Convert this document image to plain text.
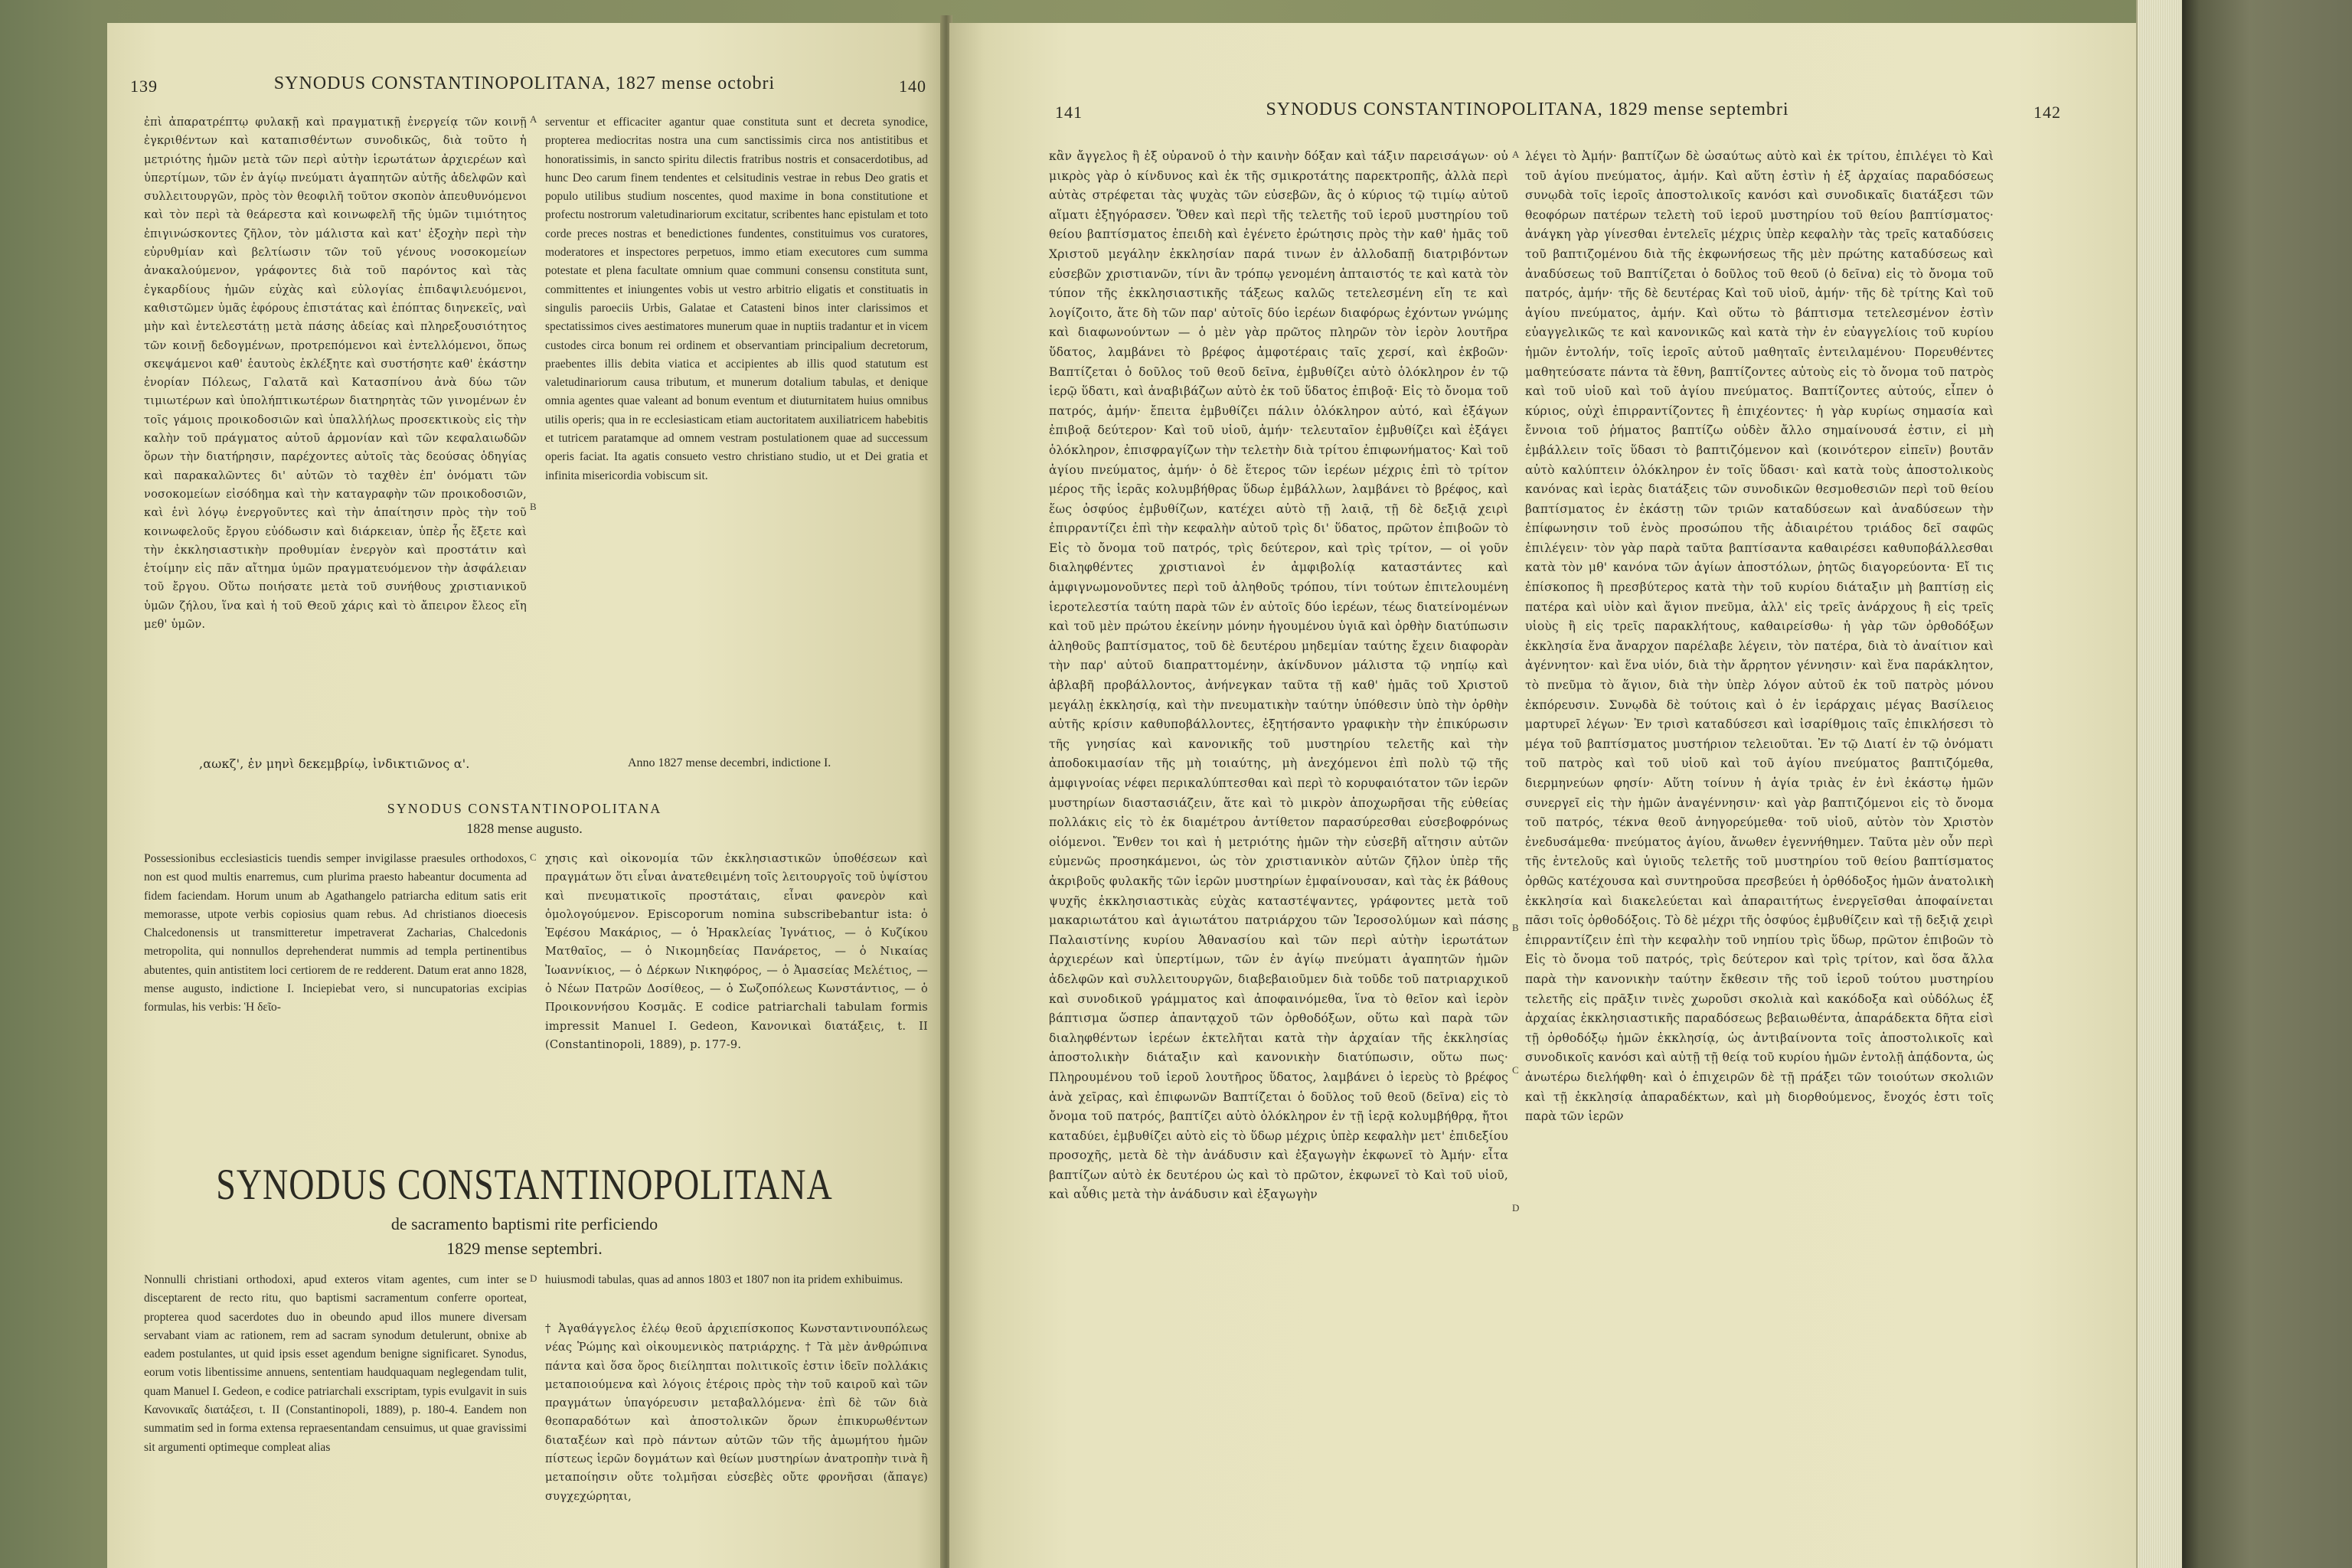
139	SYNODUS CONSTANTINOPOLITANA, 1827 mense octobri	140
ἐπὶ ἀπαρατρέπτῳ φυλακῇ καὶ πραγματικῇ ἐνεργείᾳ τῶν κοινῇ ἐγκριθέντων καὶ καταπισθέντων συνοδικῶς, διὰ τοῦτο ἡ μετριότης ἡμῶν μετὰ τῶν περὶ αὐτὴν ἱερωτάτων ἀρχιερέων καὶ ὑπερτίμων, τῶν ἐν ἁγίῳ πνεύματι ἀγαπητῶν αὐτῆς ἀδελφῶν καὶ συλλειτουργῶν, πρὸς τὸν θεοφιλῆ τοῦτον σκοπὸν ἀπευθυνόμενοι καὶ τὸν περὶ τὰ θεάρεστα καὶ κοινωφελῆ τῆς ὑμῶν τιμιότητος ἐπιγινώσκοντες ζῆλον, τὸν μάλιστα καὶ κατ' ἐξοχὴν περὶ τὴν εὐρυθμίαν καὶ βελτίωσιν τῶν τοῦ γένους νοσοκομείων ἀνακαλούμενον, γράφοντες διὰ τοῦ παρόντος καὶ τὰς ἐγκαρδίους ἡμῶν εὐχὰς καὶ εὐλογίας ἐπιδαψιλευόμενοι, καθιστῶμεν ὑμᾶς ἐφόρους ἐπιστάτας καὶ ἐπόπτας διηνεκεῖς, ναὶ μὴν καὶ ἐντελεστάτῃ μετὰ πάσης ἀδείας καὶ πληρεξουσιότητος τῶν κοινῇ δεδογμένων, προτρεπόμενοι καὶ ἐντελλόμενοι, ὅπως σκεψάμενοι καθ' ἑαυτοὺς ἐκλέξητε καὶ συστήσητε καθ' ἑκάστην ἐνορίαν Πόλεως, Γαλατᾶ καὶ Κατασπίνου ἀνὰ δύω τῶν τιμιωτέρων καὶ ὑπολήπτικωτέρων διατηρητὰς τῶν γινομένων ἐν τοῖς γάμοις προικοδοσιῶν καὶ ὑπαλλήλως προσεκτικοὺς εἰς τὴν καλὴν τοῦ πράγματος αὐτοῦ ἁρμονίαν καὶ τῶν κεφαλαιωδῶν ὅρων τὴν διατήρησιν, παρέχοντες αὐτοῖς τὰς δεούσας ὁδηγίας καὶ παρακαλῶντες δι' αὐτῶν τὸ ταχθὲν ἐπ' ὀνόματι τῶν νοσοκομείων εἰσόδημα καὶ τὴν καταγραφὴν τῶν προικοδοσιῶν, καὶ ἑνὶ λόγῳ ἐνεργοῦντες καὶ τὴν ἀπαίτησιν πρὸς τὴν τοῦ κοινωφελοῦς ἔργου εὐόδωσιν καὶ διάρκειαν, ὑπὲρ ἧς ἔξετε καὶ τὴν ἐκκλησιαστικὴν προθυμίαν ἐνεργὸν καὶ προστάτιν καὶ ἑτοίμην εἰς πᾶν αἴτημα ὑμῶν πραγματευόμενον τὴν ἀσφάλειαν τοῦ ἔργου. Οὕτω ποιήσατε μετὰ τοῦ συνήθους χριστιανικοῦ ὑμῶν ζήλου, ἵνα καὶ ἡ τοῦ Θεοῦ χάρις καὶ τὸ ἄπειρον ἔλεος εἴη μεθ' ὑμῶν.
A
B
serventur et efficaciter agantur quae constituta sunt et decreta synodice, propterea mediocritas nostra una cum sanctissimis circa nos antistitibus et honoratissimis, in sancto spiritu dilectis fratribus nostris et consacerdotibus, ad hunc Deo carum finem tendentes et celsitudinis vestrae in rebus Deo gratis et populo utilibus studium noscentes, quod maxime in bona constitutione et profectu nostrorum valetudinariorum excitatur, scribentes hanc epistulam et toto corde preces nostras et benedictiones fundentes, constituimus vos curatores, moderatores et inspectores perpetuos, immo etiam executores cum summa potestate et plena facultate omnium quae communi consensu constituta sunt, committentes et iniungentes vobis ut vestro arbitrio eligatis et constituatis in singulis paroeciis Urbis, Galatae et Catasteni binos inter clarissimos et spectatissimos cives aestimatores munerum quae in nuptiis tradantur et in vicem custodes circa bonum rei ordinem et observantiam principalium decretorum, praebentes illis debita viatica et accipientes ab illis quod statutum est valetudinariorum causa tributum, et munerum dotalium tabulas, et denique omnia agentes quae valeant ad bonum eventum et diuturnitatem huius omnibus utilis operis; qua in re ecclesiasticam etiam auctoritatem auxiliatricem habebitis et tutricem paratamque ad omnem vestram postulationem quae ad successum operis faciat. Ita agatis consueto vestro christiano studio, ut et Dei gratia et infinita misericordia vobiscum sit.
,αωκζ', ἐν μηνὶ δεκεμβρίῳ, ἰνδικτιῶνος α'.	Anno 1827 mense decembri, indictione I.
SYNODUS CONSTANTINOPOLITANA
1828 mense augusto.
Possessionibus ecclesiasticis tuendis semper invigilasse praesules orthodoxos, non est quod multis enarremus, cum plurima praesto habeantur documenta ad fidem faciendam. Horum unum ab Agathangelo patriarcha editum satis erit memorasse, utpote verbis copiosius quam rebus. Ad christianos dioecesis Chalcedonensis ut transmitteretur impetraverat Zacharias, Chalcedonis metropolita, qui nonnullos deprehenderat nummis ad templa pertinentibus abutentes, quin antistitem loci certiorem de re redderent. Datum erat anno 1828, mense augusto, indictione I. Inciepiebat vero, si nuncupatorias excipias formulas, his verbis: Ἡ δεῖο-
C χησις καὶ οἰκονομία τῶν ἐκκλησιαστικῶν ὑποθέσεων καὶ πραγμάτων ὅτι εἶναι ἀνατεθειμένη τοῖς λειτουργοῖς τοῦ ὑψίστου καὶ πνευματικοῖς προστάταις, εἶναι φανερὸν καὶ ὁμολογούμενον. Episcoporum nomina subscribebantur ista: ὁ Ἐφέσου Μακάριος, — ὁ Ἡρακλείας Ἰγνάτιος, — ὁ Κυζίκου Ματθαῖος, — ὁ Νικομηδείας Πανάρετος, — ὁ Νικαίας Ἰωαννίκιος, — ὁ Δέρκων Νικηφόρος, — ὁ Ἀμασείας Μελέτιος, — ὁ Νέων Πατρῶν Δοσίθεος, — ὁ Σωζοπόλεως Κωνστάντιος, — ὁ Προικοννήσου Κοσμᾶς. E codice patriarchali tabulam formis impressit Manuel I. Gedeon, Κανονικαὶ διατάξεις, t. II (Constantinopoli, 1889), p. 177-9.
SYNODUS CONSTANTINOPOLITANA
de sacramento baptismi rite perficiendo
1829 mense septembri.
Nonnulli christiani orthodoxi, apud exteros vitam agentes, cum inter se disceptarent de recto ritu, quo baptismi sacramentum conferre oporteat, propterea quod sacerdotes duo in obeundo apud illos munere diversam servabant viam ac rationem, rem ad sacram synodum detulerunt, obnixe ab eadem postulantes, ut quid ipsis esset agendum benigne significaret. Synodus, eorum votis libentissime annuens, sententiam haudquaquam neglegendam tulit, quam Manuel I. Gedeon, e codice patriarchali exscriptam, typis evulgavit in suis Κανονικαῖς διατάξεσι, t. II (Constantinopoli, 1889), p. 180-4. Eandem non summatim sed in forma extensa repraesentandam censuimus, ut quae gravissimi sit argumenti optimeque compleat alias
D huiusmodi tabulas, quas ad annos 1803 et 1807 non ita pridem exhibuimus.
† Ἀγαθάγγελος ἐλέῳ θεοῦ ἀρχιεπίσκοπος Κωνσταντινουπόλεως νέας Ῥώμης καὶ οἰκουμενικὸς πατριάρχης. † Τὰ μὲν ἀνθρώπινα πάντα καὶ ὅσα ὅρος διείληπται πολιτικοῖς ἐστιν ἰδεῖν πολλάκις μεταποιούμενα καὶ λόγοις ἑτέροις πρὸς τὴν τοῦ καιροῦ καὶ τῶν πραγμάτων ὑπαγόρευσιν μεταβαλλόμενα· ἐπὶ δὲ τῶν διὰ θεοπαραδότων καὶ ἀποστολικῶν ὅρων ἐπικυρωθέντων διαταξέων καὶ πρὸ πάντων αὐτῶν τῶν τῆς ἀμωμήτου ἡμῶν πίστεως ἱερῶν δογμάτων καὶ θείων μυστηρίων ἀνατροπὴν τινὰ ἢ μεταποίησιν οὔτε τολμῆσαι εὐσεβὲς οὔτε φρονῆσαι (ἄπαγε) συγχεχώρηται,
141	SYNODUS CONSTANTINOPOLITANA, 1829 mense septembri	142
κἂν ἄγγελος ἢ ἐξ οὐρανοῦ ὁ τὴν καινὴν δόξαν καὶ τάξιν παρεισάγων· οὐ μικρὸς γὰρ ὁ κίνδυνος καὶ ἐκ τῆς σμικροτάτης παρεκτροπῆς, ἀλλὰ περὶ αὐτὰς στρέφεται τὰς ψυχὰς τῶν εὐσεβῶν, ἃς ὁ κύριος τῷ τιμίῳ αὐτοῦ αἵματι ἐξηγόρασεν. Ὅθεν καὶ περὶ τῆς τελετῆς τοῦ ἱεροῦ μυστηρίου τοῦ θείου βαπτίσματος ἐπειδὴ καὶ ἐγένετο ἐρώτησις πρὸς τὴν καθ' ἡμᾶς τοῦ Χριστοῦ μεγάλην ἐκκλησίαν παρά τινων ἐν ἀλλοδαπῇ διατριβόντων εὐσεβῶν χριστιανῶν, τίνι ἂν τρόπῳ γενομένη ἀπταιστός τε καὶ κατὰ τὸν τύπον τῆς ἐκκλησιαστικῆς τάξεως καλῶς τετελεσμένη εἴη τε καὶ λογίζοιτο, ἅτε δὴ τῶν παρ' αὐτοῖς δύο ἱερέων διαφόρως ἐχόντων γνώμης καὶ διαφωνούντων — ὁ μὲν γὰρ πρῶτος πληρῶν τὸν ἱερὸν λουτῆρα ὕδατος, λαμβάνει τὸ βρέφος ἀμφοτέραις ταῖς χερσί, καὶ ἐκβοῶν· Βαπτίζεται ὁ δοῦλος τοῦ θεοῦ δεῖνα, ἐμβυθίζει αὐτὸ ὁλόκληρον ἐν τῷ ἱερῷ ὕδατι, καὶ ἀναβιβάζων αὐτὸ ἐκ τοῦ ὕδατος ἐπιβοᾷ· Εἰς τὸ ὄνομα τοῦ πατρός, ἀμήν· ἔπειτα ἐμβυθίζει πάλιν ὁλόκληρον αὐτό, καὶ ἐξάγων ἐπιβοᾷ δεύτερον· Καὶ τοῦ υἱοῦ, ἀμήν· τελευταῖον ἐμβυθίζει καὶ ἐξάγει ὁλόκληρον, ἐπισφραγίζων τὴν τελετὴν διὰ τρίτου ἐπιφωνήματος· Καὶ τοῦ ἁγίου πνεύματος, ἀμήν· ὁ δὲ ἕτερος τῶν ἱερέων μέχρις ἐπὶ τὸ τρίτον μέρος τῆς ἱερᾶς κολυμβήθρας ὕδωρ ἐμβάλλων, λαμβάνει τὸ βρέφος, καὶ ἕως ὀσφύος ἐμβυθίζων, κατέχει αὐτὸ τῇ λαιᾷ, τῇ δὲ δεξιᾷ χειρὶ ἐπιρραντίζει ἐπὶ τὴν κεφαλὴν αὐτοῦ τρὶς δι' ὕδατος, πρῶτον ἐπιβοῶν τὸ Εἰς τὸ ὄνομα τοῦ πατρός, τρὶς δεύτερον, καὶ τρὶς τρίτον, — οἱ γοῦν διαληφθέντες χριστιανοὶ ἐν ἀμφιβολίᾳ καταστάντες καὶ ἀμφιγνωμονοῦντες περὶ τοῦ ἀληθοῦς τρόπου, τίνι τούτων ἐπιτελουμένη ἱεροτελεστία ταύτη παρὰ τῶν ἐν αὐτοῖς δύο ἱερέων, τέως διατείνομένων καὶ τοῦ μὲν πρώτου ἐκείνην μόνην ἡγουμένου ὑγιᾶ καὶ ὀρθὴν διατύπωσιν ἀληθοῦς βαπτίσματος, τοῦ δὲ δευτέρου μηδεμίαν ταύτης ἔχειν διαφορὰν τὴν παρ' αὐτοῦ διαπραττομένην, ἀκίνδυνον μάλιστα τῷ νηπίῳ καὶ ἀβλαβῆ προβάλλοντος, ἀνήνεγκαν ταῦτα τῇ καθ' ἡμᾶς τοῦ Χριστοῦ μεγάλῃ ἐκκλησίᾳ, καὶ τὴν πνευματικὴν ταύτην ὑπόθεσιν ὑπὸ τὴν ὀρθὴν αὐτῆς κρίσιν καθυποβάλλοντες, ἐξητήσαντο γραφικὴν τὴν ἐπικύρωσιν τῆς γνησίας καὶ κανονικῆς τοῦ μυστηρίου τελετῆς καὶ τὴν ἀποδοκιμασίαν τῆς μὴ τοιαύτης, μὴ ἀνεχόμενοι ἐπὶ πολὺ τῷ τῆς ἀμφιγνοίας νέφει περικαλύπτεσθαι καὶ περὶ τὸ κορυφαιότατον τῶν ἱερῶν μυστηρίων διαστασιάζειν, ἅτε καὶ τὸ μικρὸν ἀποχωρῆσαι τῆς εὐθείας πολλάκις εἰς τὸ ἐκ διαμέτρου ἀντίθετον παρασύρεσθαι εὐσεβοφρόνως οἰόμενοι. Ἔνθεν τοι καὶ ἡ μετριότης ἡμῶν τὴν εὐσεβῆ αἴτησιν αὐτῶν εὐμενῶς προσηκάμενοι, ὡς τὸν χριστιανικὸν αὐτῶν ζῆλον ὑπὲρ τῆς ἀκριβοῦς φυλακῆς τῶν ἱερῶν μυστηρίων ἐμφαίνουσαν, καὶ τὰς ἐκ βάθους ψυχῆς ἐκκλησιαστικὰς εὐχὰς καταστέψαντες, γράφοντες μετὰ τοῦ μακαριωτάτου καὶ ἁγιωτάτου πατριάρχου τῶν Ἱεροσολύμων καὶ πάσης Παλαιστίνης κυρίου Ἀθανασίου καὶ τῶν περὶ αὐτὴν ἱερωτάτων ἀρχιερέων καὶ ὑπερτίμων, τῶν ἐν ἁγίῳ πνεύματι ἀγαπητῶν ἡμῶν ἀδελφῶν καὶ συλλειτουργῶν, διαβεβαιοῦμεν διὰ τοῦδε τοῦ πατριαρχικοῦ καὶ συνοδικοῦ γράμματος καὶ ἀποφαινόμεθα, ἵνα τὸ θεῖον καὶ ἱερὸν βάπτισμα ὥσπερ ἀπαντᾳχοῦ τῶν ὀρθοδόξων, οὕτω καὶ παρὰ τῶν διαληφθέντων ἱερέων ἐκτελῆται κατὰ τὴν ἀρχαίαν τῆς ἐκκλησίας ἀποστολικὴν διάταξιν καὶ κανονικὴν διατύπωσιν, οὕτω πως· Πληρουμένου τοῦ ἱεροῦ λουτῆρος ὕδατος, λαμβάνει ὁ ἱερεὺς τὸ βρέφος ἀνὰ χεῖρας, καὶ ἐπιφωνῶν Βαπτίζεται ὁ δοῦλος τοῦ θεοῦ (δεῖνα) εἰς τὸ ὄνομα τοῦ πατρός, βαπτίζει αὐτὸ ὁλόκληρον ἐν τῇ ἱερᾷ κολυμβήθρᾳ, ἤτοι καταδύει, ἐμβυθίζει αὐτὸ εἰς τὸ ὕδωρ μέχρις ὑπὲρ κεφαλὴν μετ' ἐπιδεξίου προσοχῆς, μετὰ δὲ τὴν ἀνάδυσιν καὶ ἐξαγωγὴν ἐκφωνεῖ τὸ Ἀμήν· εἶτα βαπτίζων αὐτὸ ἐκ δευτέρου ὡς καὶ τὸ πρῶτον, ἐκφωνεῖ τὸ Καὶ τοῦ υἱοῦ, καὶ αὖθις μετὰ τὴν ἀνάδυσιν καὶ ἐξαγωγὴν
A
B
C
D
λέγει τὸ Ἀμήν· βαπτίζων δὲ ὡσαύτως αὐτὸ καὶ ἐκ τρίτου, ἐπιλέγει τὸ Καὶ τοῦ ἁγίου πνεύματος, ἀμήν. Καὶ αὕτη ἐστὶν ἡ ἐξ ἀρχαίας παραδόσεως συνῳδὰ τοῖς ἱεροῖς ἀποστολικοῖς κανόσι καὶ συνοδικαῖς διατάξεσι τῶν θεοφόρων πατέρων τελετὴ τοῦ ἱεροῦ μυστηρίου τοῦ θείου βαπτίσματος· ἀνάγκη γὰρ γίνεσθαι ἐντελεῖς μέχρις ὑπὲρ κεφαλὴν τὰς τρεῖς καταδύσεις τοῦ βαπτιζομένου διὰ τῆς ἐκφωνήσεως τῆς μὲν πρώτης καταδύσεως καὶ ἀναδύσεως τοῦ Βαπτίζεται ὁ δοῦλος τοῦ θεοῦ (ὁ δεῖνα) εἰς τὸ ὄνομα τοῦ πατρός, ἀμήν· τῆς δὲ δευτέρας Καὶ τοῦ υἱοῦ, ἀμήν· τῆς δὲ τρίτης Καὶ τοῦ ἁγίου πνεύματος, ἀμήν. Καὶ οὕτω τὸ βάπτισμα τετελεσμένον ἐστὶν εὐαγγελικῶς τε καὶ κανονικῶς καὶ κατὰ τὴν ἐν εὐαγγελίοις τοῦ κυρίου ἡμῶν ἐντολήν, τοῖς ἱεροῖς αὐτοῦ μαθηταῖς ἐντειλαμένου· Πορευθέντες μαθητεύσατε πάντα τὰ ἔθνη, βαπτίζοντες αὐτοὺς εἰς τὸ ὄνομα τοῦ πατρὸς καὶ τοῦ υἱοῦ καὶ τοῦ ἁγίου πνεύματος. Βαπτίζοντες αὐτούς, εἶπεν ὁ κύριος, οὐχὶ ἐπιρραντίζοντες ἢ ἐπιχέοντες· ἡ γὰρ κυρίως σημασία καὶ ἔννοια τοῦ ῥήματος βαπτίζω οὐδὲν ἄλλο σημαίνουσά ἐστιν, εἰ μὴ ἐμβάλλειν τοῖς ὕδασι τὸ βαπτιζόμενον καὶ (κοινότερον εἰπεῖν) βουτᾶν αὐτὸ καλύπτειν ὁλόκληρον ἐν τοῖς ὕδασι· καὶ κατὰ τοὺς ἀποστολικοὺς κανόνας καὶ ἱερὰς διατάξεις τῶν συνοδικῶν θεσμοθεσιῶν περὶ τοῦ θείου βαπτίσματος ἐν ἑκάστῃ τῶν τριῶν καταδύσεων καὶ ἀναδύσεων τὴν ἐπίφωνησιν τοῦ ἑνὸς προσώπου τῆς ἀδιαιρέτου τριάδος δεῖ σαφῶς ἐπιλέγειν· τὸν γὰρ παρὰ ταῦτα βαπτίσαντα καθαιρέσει καθυποβάλλεσθαι κατὰ τὸν μθ' κανόνα τῶν ἁγίων ἀποστόλων, ῥητῶς διαγορεύοντα· Εἴ τις ἐπίσκοπος ἢ πρεσβύτερος κατὰ τὴν τοῦ κυρίου διάταξιν μὴ βαπτίσῃ εἰς πατέρα καὶ υἱὸν καὶ ἅγιον πνεῦμα, ἀλλ' εἰς τρεῖς ἀνάρχους ἢ εἰς τρεῖς υἱοὺς ἢ εἰς τρεῖς παρακλήτους, καθαιρείσθω· ἡ γὰρ τῶν ὀρθοδόξων ἐκκλησία ἕνα ἄναρχον παρέλαβε λέγειν, τὸν πατέρα, διὰ τὸ ἀναίτιον καὶ ἀγέννητον· καὶ ἕνα υἱόν, διὰ τὴν ἄρρητον γέννησιν· καὶ ἕνα παράκλητον, τὸ πνεῦμα τὸ ἅγιον, διὰ τὴν ὑπὲρ λόγον αὐτοῦ ἐκ τοῦ πατρὸς μόνου ἐκπόρευσιν. Συνῳδὰ δὲ τούτοις καὶ ὁ ἐν ἱεράρχαις μέγας Βασίλειος μαρτυρεῖ λέγων· Ἐν τρισὶ καταδύσεσι καὶ ἰσαρίθμοις ταῖς ἐπικλήσεσι τὸ μέγα τοῦ βαπτίσματος μυστήριον τελειοῦται. Ἐν τῷ Διατί ἐν τῷ ὀνόματι τοῦ πατρὸς καὶ τοῦ υἱοῦ καὶ τοῦ ἁγίου πνεύματος βαπτιζόμεθα, διερμηνεύων φησίν· Αὕτη τοίνυν ἡ ἁγία τριὰς ἐν ἑνὶ ἑκάστῳ ἡμῶν συνεργεῖ εἰς τὴν ἡμῶν ἀναγέννησιν· καὶ γὰρ βαπτιζόμενοι εἰς τὸ ὄνομα τοῦ πατρός, τέκνα θεοῦ ἀνηγορεύμεθα· τοῦ υἱοῦ, αὐτὸν τὸν Χριστὸν ἐνεδυσάμεθα· πνεύματος ἁγίου, ἄνωθεν ἐγεννήθημεν. Ταῦτα μὲν οὖν περὶ τῆς ἐντελοῦς καὶ ὑγιοῦς τελετῆς τοῦ μυστηρίου τοῦ θείου βαπτίσματος ὀρθῶς κατέχουσα καὶ συντηροῦσα πρεσβεύει ἡ ὀρθόδοξος ἡμῶν ἀνατολικὴ ἐκκλησία καὶ διακελεύεται καὶ ἀπαραιτήτως ἐνεργεῖσθαι ἀποφαίνεται πᾶσι τοῖς ὀρθοδόξοις. Τὸ δὲ μέχρι τῆς ὀσφύος ἐμβυθίζειν καὶ τῇ δεξιᾷ χειρὶ ἐπιρραντίζειν ἐπὶ τὴν κεφαλὴν τοῦ νηπίου τρὶς ὕδωρ, πρῶτον ἐπιβοῶν τὸ Εἰς τὸ ὄνομα τοῦ πατρός, τρὶς δεύτερον καὶ τρὶς τρίτον, καὶ ὅσα ἄλλα παρὰ τὴν κανονικὴν ταύτην ἔκθεσιν τῆς τοῦ ἱεροῦ τούτου μυστηρίου τελετῆς εἰς πρᾶξιν τινὲς χωροῦσι σκολιὰ καὶ κακόδοξα καὶ οὐδόλως ἐξ ἀρχαίας ἐκκλησιαστικῆς παραδόσεως βεβαιωθέντα, ἀπαράδεκτα δῆτα εἰσὶ τῇ ὀρθοδόξῳ ἡμῶν ἐκκλησίᾳ, ὡς ἀντιβαίνοντα τοῖς ἀποστολικοῖς καὶ συνοδικοῖς κανόσι καὶ αὐτῇ τῇ θείᾳ τοῦ κυρίου ἡμῶν ἐντολῇ ἀπᾴδοντα, ὡς ἀνωτέρω διελήφθη· καὶ ὁ ἐπιχειρῶν δὲ τῇ πράξει τῶν τοιούτων σκολιῶν καὶ τῇ ἐκκλησίᾳ ἀπαραδέκτων, καὶ μὴ διορθούμενος, ἔνοχός ἐστι τοῖς παρὰ τῶν ἱερῶν
